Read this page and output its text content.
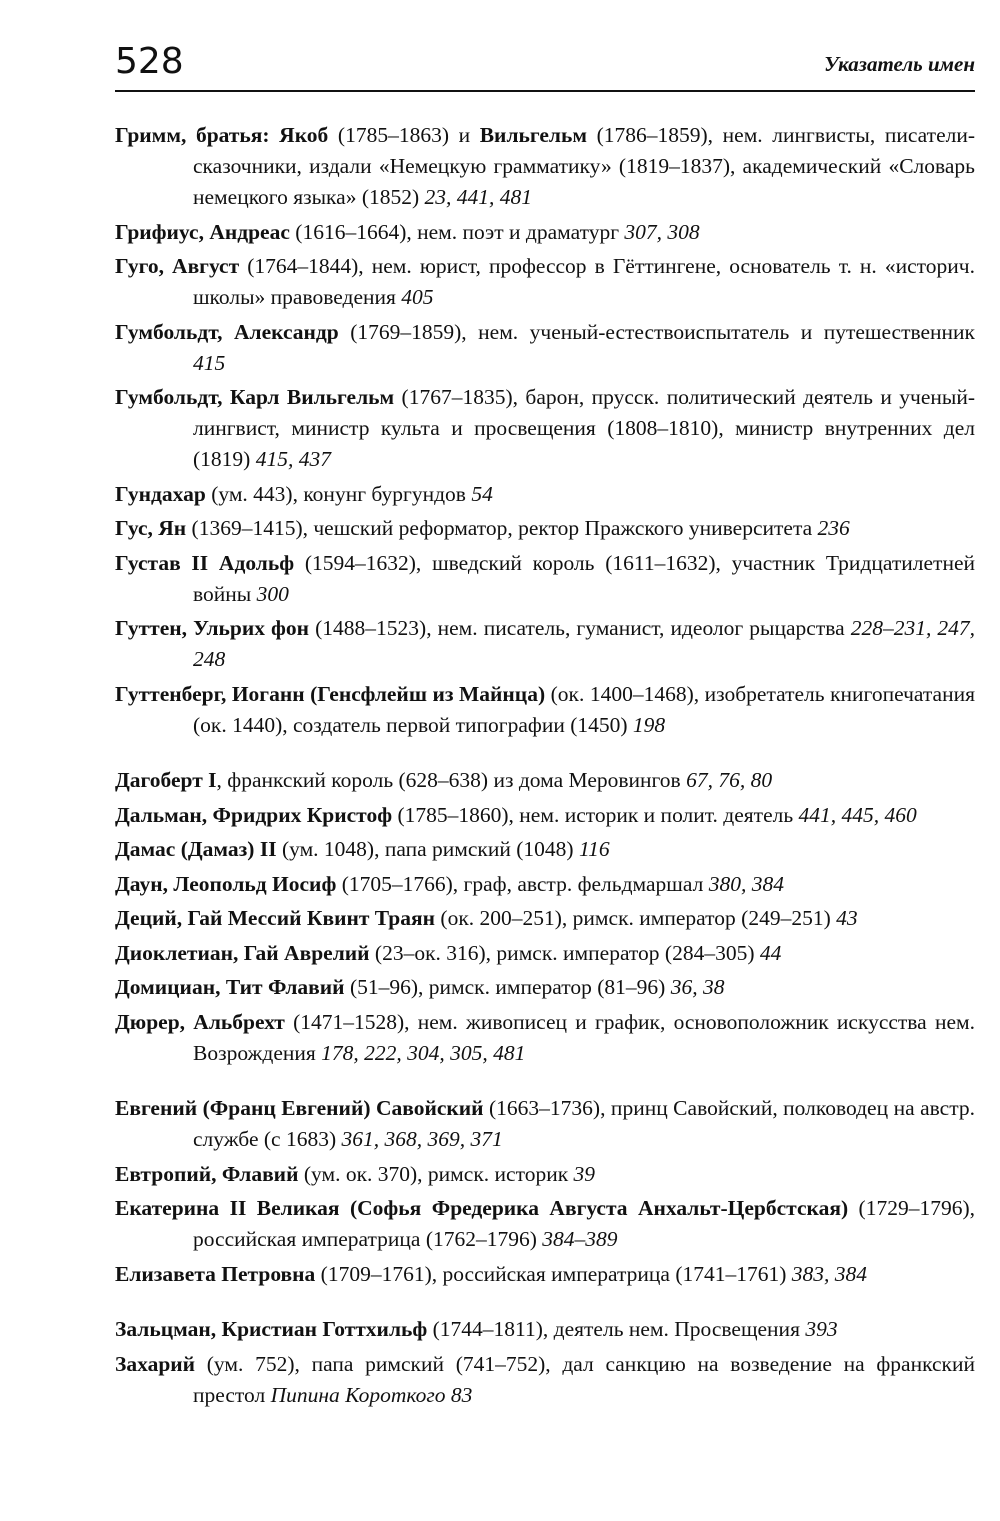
528	Указатель имен
Гримм, братья: Якоб (1785–1863) и Вильгельм (1786–1859), нем. лингвисты, писатели-сказочники, издали «Немецкую грамматику» (1819–1837), академический «Словарь немецкого языка» (1852) 23, 441, 481
Грифиус, Андреас (1616–1664), нем. поэт и драматург 307, 308
Гуго, Август (1764–1844), нем. юрист, профессор в Гёттингене, основатель т. н. «историч. школы» правоведения 405
Гумбольдт, Александр (1769–1859), нем. ученый-естествоиспытатель и путешественник 415
Гумбольдт, Карл Вильгельм (1767–1835), барон, прусск. политический деятель и ученый-лингвист, министр культа и просвещения (1808–1810), министр внутренних дел (1819) 415, 437
Гундахар (ум. 443), конунг бургундов 54
Гус, Ян (1369–1415), чешский реформатор, ректор Пражского университета 236
Густав II Адольф (1594–1632), шведский король (1611–1632), участник Тридцатилетней войны 300
Гуттен, Ульрих фон (1488–1523), нем. писатель, гуманист, идеолог рыцарства 228–231, 247, 248
Гуттенберг, Иоганн (Генсфлейш из Майнца) (ок. 1400–1468), изобретатель книгопечатания (ок. 1440), создатель первой типографии (1450) 198
Дагоберт I, франкский король (628–638) из дома Меровингов 67, 76, 80
Дальман, Фридрих Кристоф (1785–1860), нем. историк и полит. деятель 441, 445, 460
Дамас (Дамаз) II (ум. 1048), папа римский (1048) 116
Даун, Леопольд Иосиф (1705–1766), граф, австр. фельдмаршал 380, 384
Деций, Гай Мессий Квинт Траян (ок. 200–251), римск. император (249–251) 43
Диоклетиан, Гай Аврелий (23–ок. 316), римск. император (284–305) 44
Домициан, Тит Флавий (51–96), римск. император (81–96) 36, 38
Дюрер, Альбрехт (1471–1528), нем. живописец и график, основоположник искусства нем. Возрождения 178, 222, 304, 305, 481
Евгений (Франц Евгений) Савойский (1663–1736), принц Савойский, полководец на австр. службе (с 1683) 361, 368, 369, 371
Евтропий, Флавий (ум. ок. 370), римск. историк 39
Екатерина II Великая (Софья Фредерика Августа Анхальт-Цербстская) (1729–1796), российская императрица (1762–1796) 384–389
Елизавета Петровна (1709–1761), российская императрица (1741–1761) 383, 384
Зальцман, Кристиан Готтхильф (1744–1811), деятель нем. Просвещения 393
Захарий (ум. 752), папа римский (741–752), дал санкцию на возведение на франкский престол Пипина Короткого 83
